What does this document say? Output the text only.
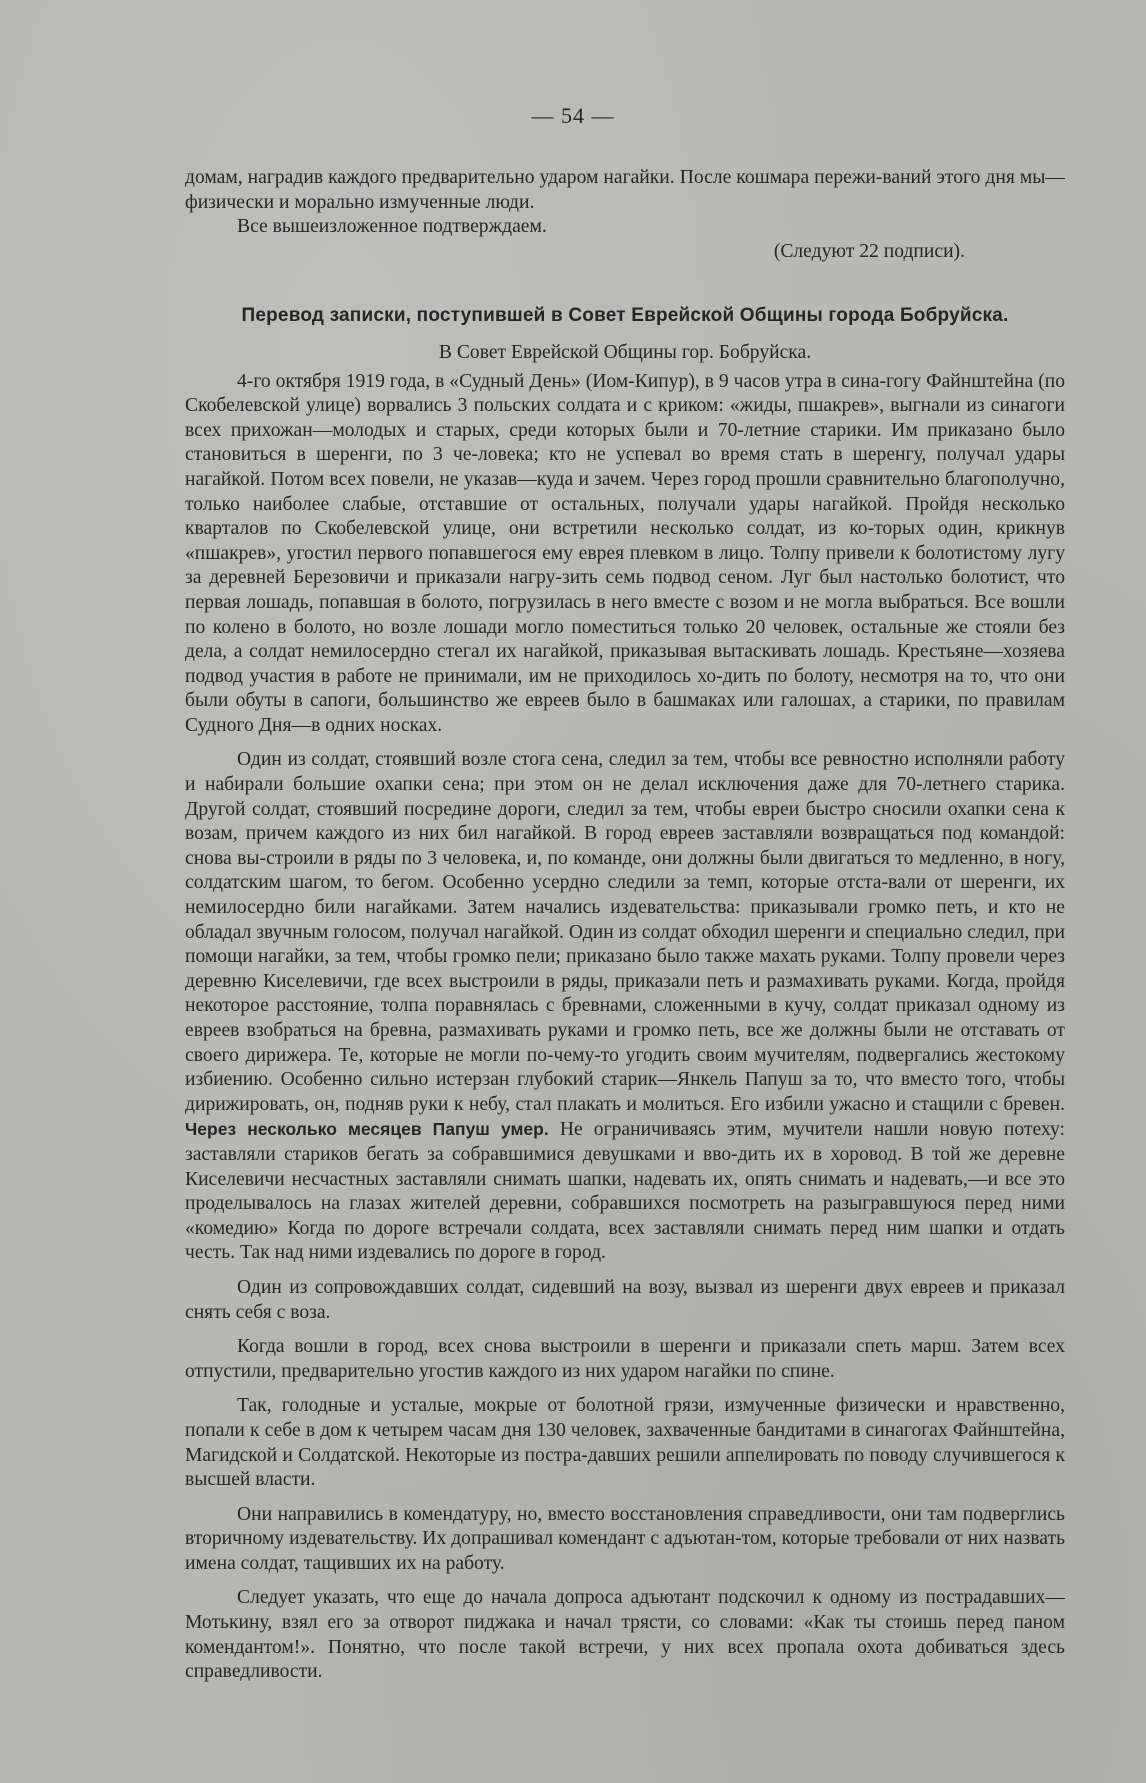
— 54 —

домам, наградив каждого предварительно ударом нагайки. После кошмара пережи-ваний этого дня мы—физически и морально измученные люди.

Все вышеизложенное подтверждаем.

(Следуют 22 подписи).

Перевод записки, поступившей в Совет Еврейской Общины города Бобруйска.
В Совет Еврейской Общины гор. Бобруйска.

4-го октября 1919 года, в «Судный День» (Иом-Кипур), в 9 часов утра в сина-гогу Файнштейна (по Скобелевской улице) ворвались 3 польских солдата и с криком: «жиды, пшакрев», выгнали из синагоги всех прихожан—молодых и старых, среди которых были и 70-летние старики. Им приказано было становиться в шеренги, по 3 че-ловека; кто не успевал во время стать в шеренгу, получал удары нагайкой. Потом всех повели, не указав—куда и зачем. Через город прошли сравнительно благополучно, только наиболее слабые, отставшие от остальных, получали удары нагайкой. Пройдя несколько кварталов по Скобелевской улице, они встретили несколько солдат, из ко-торых один, крикнув «пшакрев», угостил первого попавшегося ему еврея плевком в лицо. Толпу привели к болотистому лугу за деревней Березовичи и приказали нагру-зить семь подвод сеном. Луг был настолько болотист, что первая лошадь, попавшая в болото, погрузилась в него вместе с возом и не могла выбраться. Все вошли по колено в болото, но возле лошади могло поместиться только 20 человек, остальные же стояли без дела, а солдат немилосердно стегал их нагайкой, приказывая вытаскивать лошадь. Крестьяне—хозяева подвод участия в работе не принимали, им не приходилось хо-дить по болоту, несмотря на то, что они были обуты в сапоги, большинство же евреев было в башмаках или галошах, а старики, по правилам Судного Дня—в одних носках.

Один из солдат, стоявший возле стога сена, следил за тем, чтобы все ревностно исполняли работу и набирали большие охапки сена; при этом он не делал исключения даже для 70-летнего старика. Другой солдат, стоявший посредине дороги, следил за тем, чтобы евреи быстро сносили охапки сена к возам, причем каждого из них бил нагайкой. В город евреев заставляли возвращаться под командой: снова вы-строили в ряды по 3 человека, и, по команде, они должны были двигаться то медленно, в ногу, солдатским шагом, то бегом. Особенно усердно следили за темп, которые отста-вали от шеренги, их немилосердно били нагайками. Затем начались издевательства: приказывали громко петь, и кто не обладал звучным голосом, получал нагайкой. Один из солдат обходил шеренги и специально следил, при помощи нагайки, за тем, чтобы громко пели; приказано было также махать руками. Толпу провели через деревню Киселевичи, где всех выстроили в ряды, приказали петь и размахивать руками. Когда, пройдя некоторое расстояние, толпа поравнялась с бревнами, сложенными в кучу, солдат приказал одному из евреев взобраться на бревна, размахивать руками и громко петь, все же должны были не отставать от своего дирижера. Те, которые не могли по-чему-то угодить своим мучителям, подвергались жестокому избиению. Особенно сильно истерзан глубокий старик—Янкель Папуш за то, что вместо того, чтобы дирижировать, он, подняв руки к небу, стал плакать и молиться. Его избили ужасно и стащили с бревен. Через несколько месяцев Папуш умер. Не ограничиваясь этим, мучители нашли новую потеху: заставляли стариков бегать за собравшимися девушками и вво-дить их в хоровод. В той же деревне Киселевичи несчастных заставляли снимать шапки, надевать их, опять снимать и надевать,—и все это проделывалось на глазах жителей деревни, собравшихся посмотреть на разыгравшуюся перед ними «комедию» Когда по дороге встречали солдата, всех заставляли снимать перед ним шапки и отдать честь. Так над ними издевались по дороге в город.

Один из сопровождавших солдат, сидевший на возу, вызвал из шеренги двух евреев и приказал снять себя с воза.

Когда вошли в город, всех снова выстроили в шеренги и приказали спеть марш. Затем всех отпустили, предварительно угостив каждого из них ударом нагайки по спине.

Так, голодные и усталые, мокрые от болотной грязи, измученные физически и нравственно, попали к себе в дом к четырем часам дня 130 человек, захваченные бандитами в синагогах Файнштейна, Магидской и Солдатской. Некоторые из постра-давших решили аппелировать по поводу случившегося к высшей власти.

Они направились в комендатуру, но, вместо восстановления справедливости, они там подверглись вторичному издевательству. Их допрашивал комендант с адъютан-том, которые требовали от них назвать имена солдат, тащивших их на работу.

Следует указать, что еще до начала допроса адъютант подскочил к одному из пострадавших—Мотькину, взял его за отворот пиджака и начал трясти, со словами: «Как ты стоишь перед паном комендантом!». Понятно, что после такой встречи, у них всех пропала охота добиваться здесь справедливости.
